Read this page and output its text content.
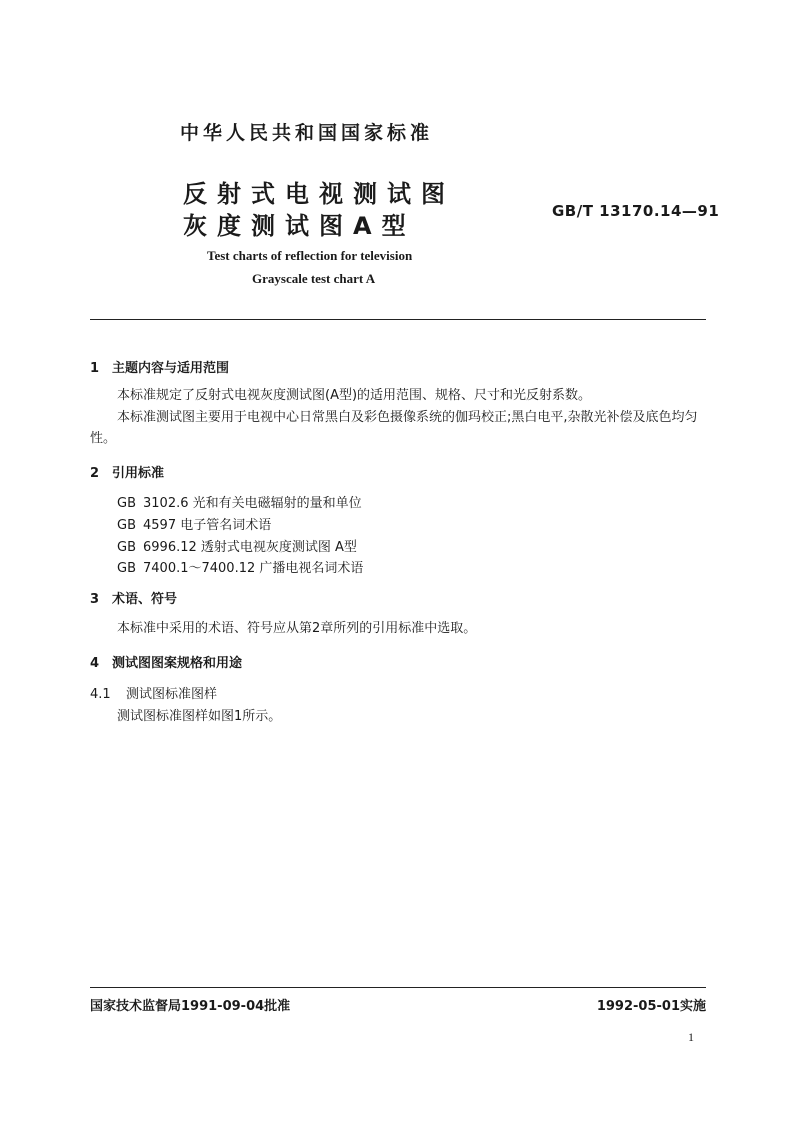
中华人民共和国国家标准
反射式电视测试图
灰度测试图A型
GB/T 13170.14—91
Test charts of reflection for television
Grayscale test chart A
1 主题内容与适用范围
本标准规定了反射式电视灰度测试图(A型)的适用范围、规格、尺寸和光反射系数。
本标准测试图主要用于电视中心日常黑白及彩色摄像系统的伽玛校正;黑白电平,杂散光补偿及底色均匀性。
2 引用标准
GB 3102.6 光和有关电磁辐射的量和单位
GB 4597 电子管名词术语
GB 6996.12 透射式电视灰度测试图 A型
GB 7400.1～7400.12 广播电视名词术语
3 术语、符号
本标准中采用的术语、符号应从第2章所列的引用标准中选取。
4 测试图图案规格和用途
4.1 测试图标准图样
测试图标准图样如图1所示。
国家技术监督局1991-09-04批准	1992-05-01实施
1
